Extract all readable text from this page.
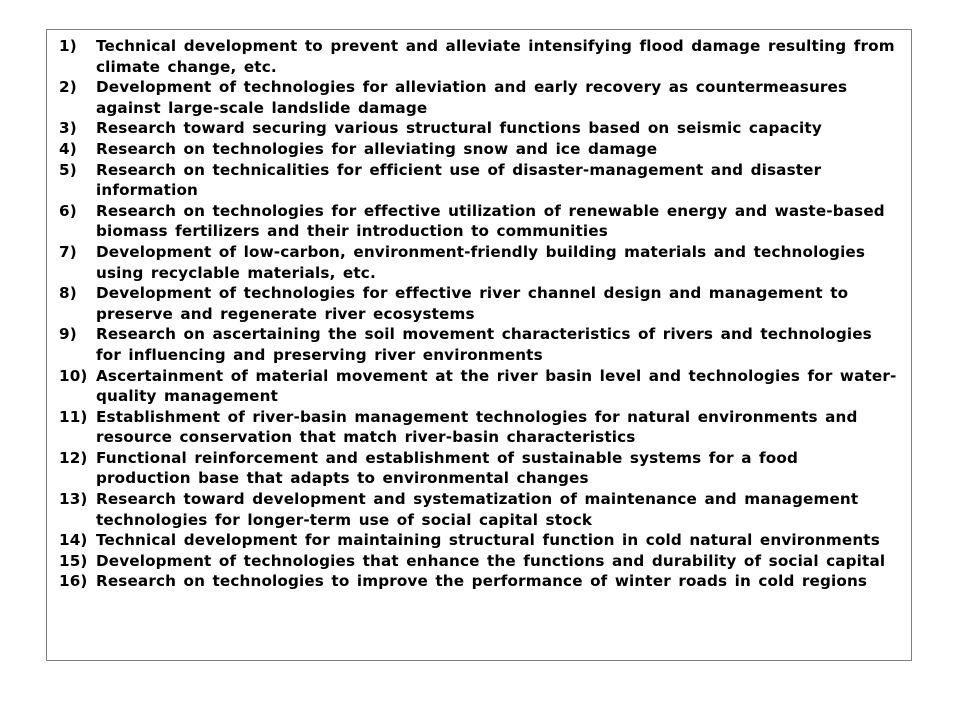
1)	Technical development to prevent and alleviate intensifying flood damage resulting from climate change, etc.
2)	Development of technologies for alleviation and early recovery as countermeasures against large-scale landslide damage
3)	Research toward securing various structural functions based on seismic capacity
4)	Research on technologies for alleviating snow and ice damage
5)	Research on technicalities for efficient use of disaster-management and disaster information
6)	Research on technologies for effective utilization of renewable energy and waste-based biomass fertilizers and their introduction to communities
7)	Development of low-carbon, environment-friendly building materials and technologies using recyclable materials, etc.
8)	Development of technologies for effective river channel design and management to preserve and regenerate river ecosystems
9)	Research on ascertaining the soil movement characteristics of rivers and technologies for influencing and preserving river environments
10) Ascertainment of material movement at the river basin level and technologies for water-quality management
11) Establishment of river-basin management technologies for natural environments and resource conservation that match river-basin characteristics
12) Functional reinforcement and establishment of sustainable systems for a food production base that adapts to environmental changes
13) Research toward development and systematization of maintenance and management technologies for longer-term use of social capital stock
14) Technical development for maintaining structural function in cold natural environments
15) Development of technologies that enhance the functions and durability of social capital
16) Research on technologies to improve the performance of winter roads in cold regions
